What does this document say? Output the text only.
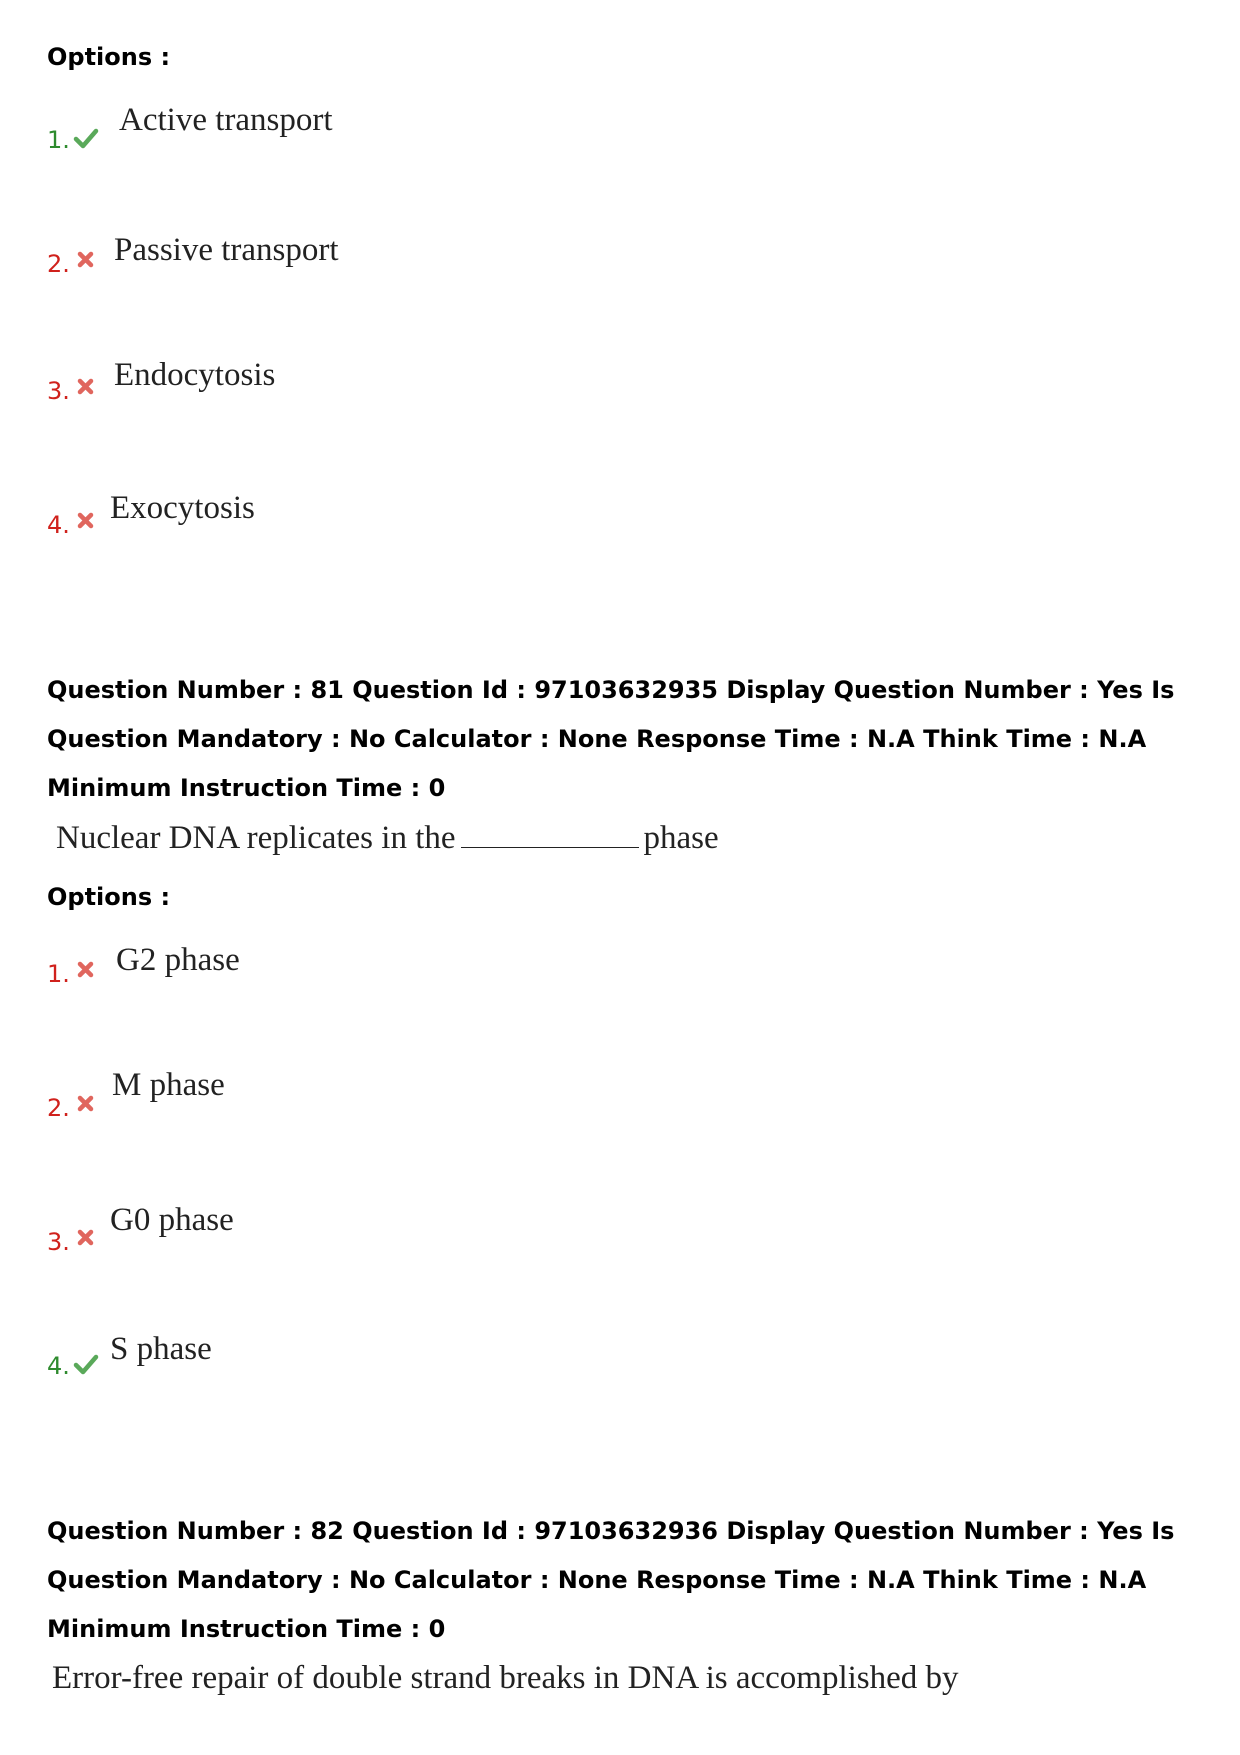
Options :
1.
Active transport
2. Passive transport
3. Endocytosis
4. Exocytosis
Question Number : 81 Question Id : 97103632935 Display Question Number : Yes Is Question Mandatory : No Calculator : None Response Time : N.A Think Time : N.A Minimum Instruction Time : 0
Nuclear DNA replicates in the	phase
Options :
1. G2 phase
2.
M phase
3.
G0 phase
4. S phase
Question Number : 82 Question Id : 97103632936 Display Question Number : Yes Is Question Mandatory : No Calculator : None Response Time : N.A Think Time : N.A Minimum Instruction Time : 0
Error-free repair of double strand breaks in DNA is accomplished by
